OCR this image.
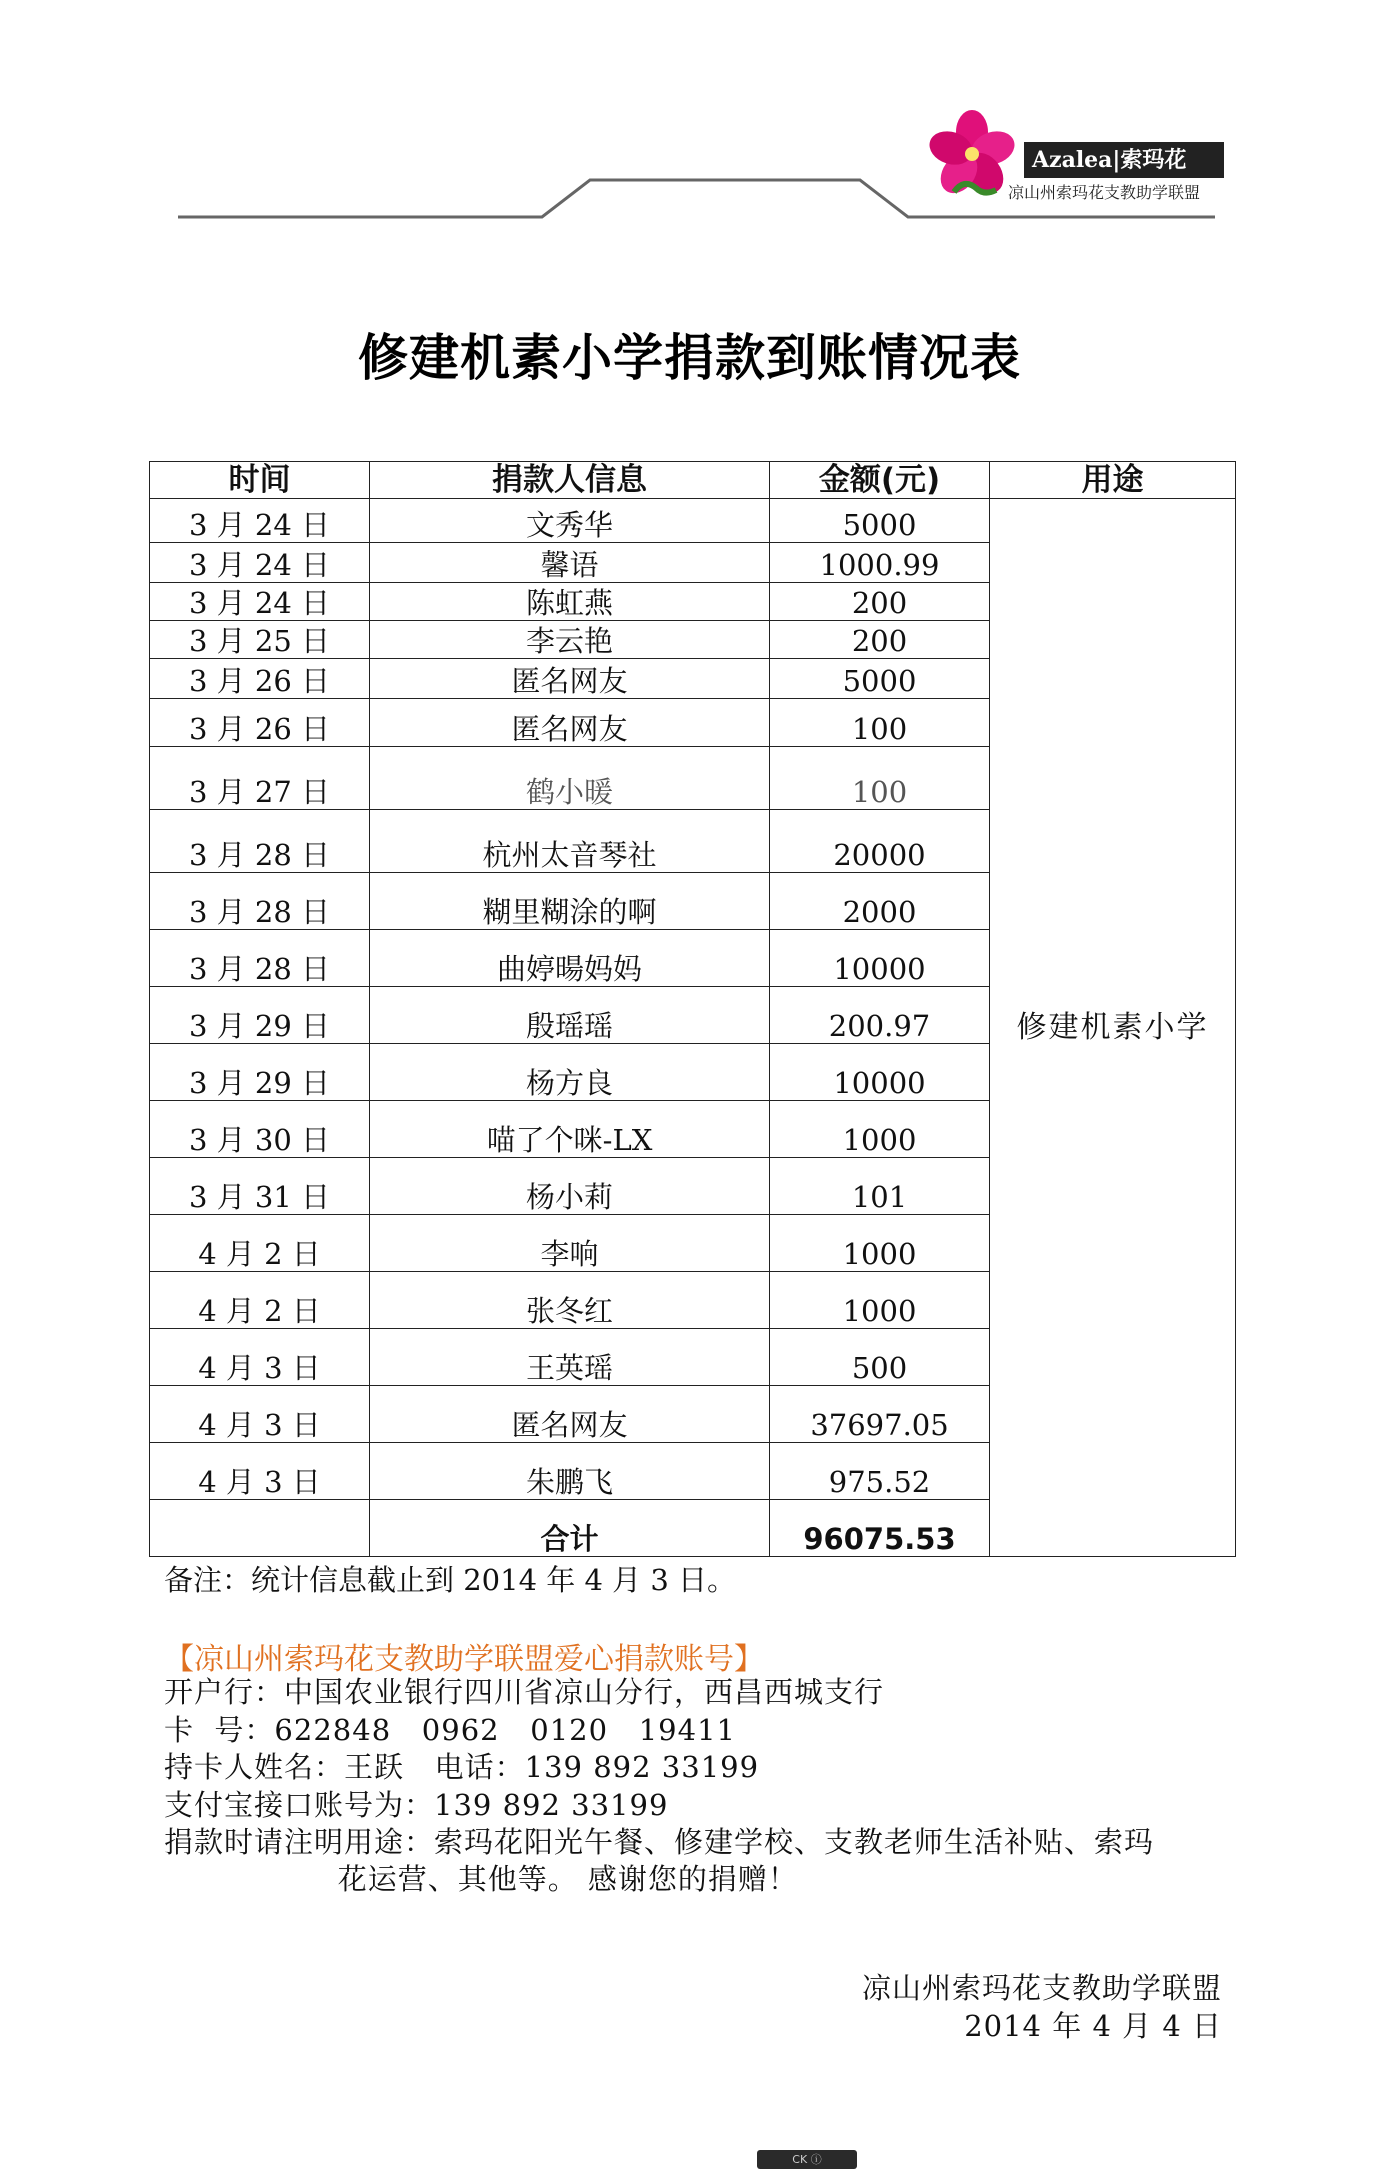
Azalea|索玛花
凉山州索玛花支教助学联盟
修建机素小学捐款到账情况表
时间	捐款人信息	金额(元)	用途
3 月 24 日	文秀华	5000	修建机素小学
3 月 24 日	馨语	1000.99	
3 月 24 日	陈虹燕	200	
3 月 25 日	李云艳	200	
3 月 26 日	匿名网友	5000	
3 月 26 日	匿名网友	100	
3 月 27 日	鹤小暖	100	
3 月 28 日	杭州太音琴社	20000	
3 月 28 日	糊里糊涂的啊	2000	
3 月 28 日	曲婷暘妈妈	10000	
3 月 29 日	殷瑶瑶	200.97	
3 月 29 日	杨方良	10000	
3 月 30 日	喵了个咪-LX	1000	
3 月 31 日	杨小莉	101	
4 月 2 日	李响	1000	
4 月 2 日	张冬红	1000	
4 月 3 日	王英瑶	500	
4 月 3 日	匿名网友	37697.05	
4 月 3 日	朱鹏飞	975.52	
	合计	96075.53	
备注：统计信息截止到 2014 年 4 月 3 日。
【凉山州索玛花支教助学联盟爱心捐款账号】
开户行：中国农业银行四川省凉山分行，西昌西城支行
卡  号：622848   0962   0120   19411
持卡人姓名：王跃   电话：139 892 33199
支付宝接口账号为：139 892 33199
捐款时请注明用途：索玛花阳光午餐、修建学校、支教老师生活补贴、索玛
花运营、其他等。 感谢您的捐赠！
凉山州索玛花支教助学联盟
2014 年 4 月 4 日
CK ⓘ
